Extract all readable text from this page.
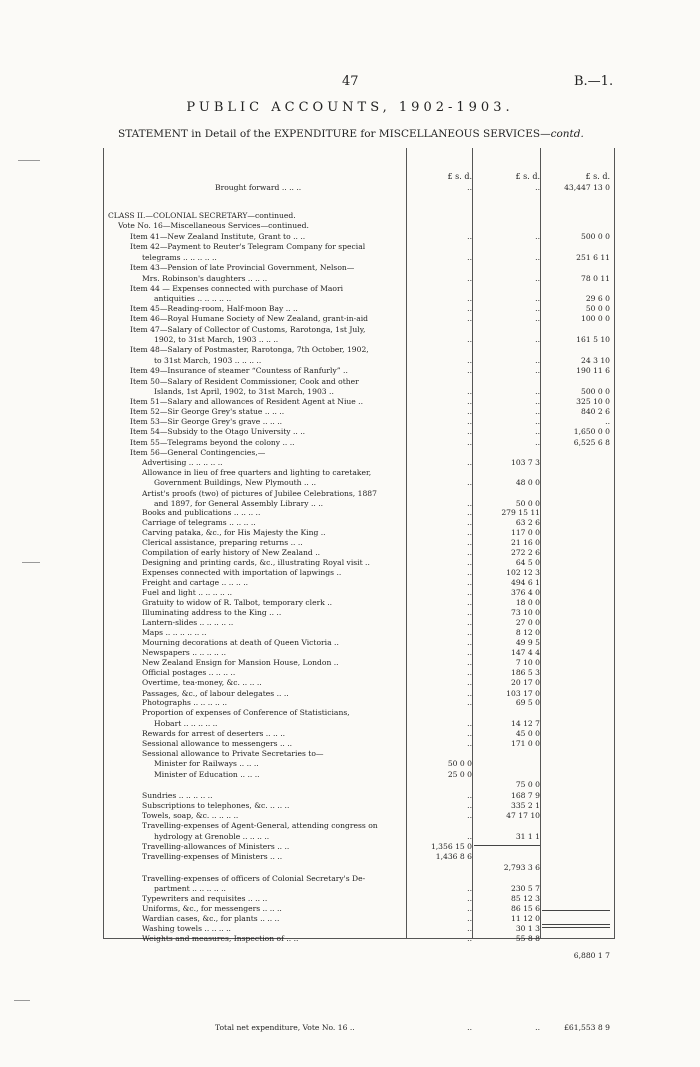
47	B.—1.
PUBLIC ACCOUNTS, 1902-1903.
STATEMENT in Detail of the EXPENDITURE for MISCELLANEOUS SERVICES—contd.
£ s. d.	£ s. d.	£ s. d.
Brought forward .. .. ..	..	..	43,447 13 0
CLASS II.—COLONIAL SECRETARY—continued.
Vote No. 16—Miscellaneous Services—continued.
Item 41—New Zealand Institute, Grant to .. ..	..	..	500 0 0
Item 42—Payment to Reuter's Telegram Company for special
telegrams .. .. .. .. ..	..	..	251 6 11
Item 43—Pension of late Provincial Government, Nelson—
Mrs. Robinson's daughters .. .. ..	..	..	78 0 11
Item 44 — Expenses connected with purchase of Maori
antiquities .. .. .. .. ..	..	..	29 6 0
Item 45—Reading-room, Half-moon Bay .. ..	..	..	50 0 0
Item 46—Royal Humane Society of New Zealand, grant-in-aid	..	..	100 0 0
Item 47—Salary of Collector of Customs, Rarotonga, 1st July,
1902, to 31st March, 1903 .. .. ..	..	..	161 5 10
Item 48—Salary of Postmaster, Rarotonga, 7th October, 1902,
to 31st March, 1903 .. .. .. ..	..	..	24 3 10
Item 49—Insurance of steamer “Countess of Ranfurly” ..	..	..	190 11 6
Item 50—Salary of Resident Commissioner, Cook and other
Islands, 1st April, 1902, to 31st March, 1903 ..	..	..	500 0 0
Item 51—Salary and allowances of Resident Agent at Niue ..	..	..	325 10 0
Item 52—Sir George Grey's statue .. .. ..	..	..	840 2 6
Item 53—Sir George Grey's grave .. .. ..	..	..	..
Item 54—Subsidy to the Otago University .. ..	..	..	1,650 0 0
Item 55—Telegrams beyond the colony .. ..	..	..	6,525 6 8
Item 56—General Contingencies,—
Advertising .. .. .. .. ..	..	103 7 3
Allowance in lieu of free quarters and lighting to caretaker,
Government Buildings, New Plymouth .. ..	..	48 0 0
Artist's proofs (two) of pictures of Jubilee Celebrations, 1887
and 1897, for General Assembly Library .. ..	..	50 0 0
Books and publications .. .. .. ..	..	279 15 11
Carriage of telegrams .. .. .. ..	..	63 2 6
Carving pataka, &c., for His Majesty the King ..	..	117 0 0
Clerical assistance, preparing returns .. ..	..	21 16 0
Compilation of early history of New Zealand ..	..	272 2 6
Designing and printing cards, &c., illustrating Royal visit ..	..	64 5 0
Expenses connected with importation of lapwings ..	..	102 12 3
Freight and cartage .. .. .. ..	..	494 6 1
Fuel and light .. .. .. .. ..	..	376 4 0
Gratuity to widow of R. Talbot, temporary clerk ..	..	18 0 0
Illuminating address to the King .. ..	..	73 10 0
Lantern-slides .. .. .. .. ..	..	27 0 0
Maps .. .. .. .. .. ..	..	8 12 0
Mourning decorations at death of Queen Victoria ..	..	49 9 5
Newspapers .. .. .. .. ..	..	147 4 4
New Zealand Ensign for Mansion House, London ..	..	7 10 0
Official postages .. .. .. ..	..	186 5 3
Overtime, tea-money, &c. .. .. ..	..	20 17 0
Passages, &c., of labour delegates .. ..	..	103 17 0
Photographs .. .. .. .. ..	..	69 5 0
Proportion of expenses of Conference of Statisticians,
Hobart .. .. .. .. ..	..	14 12 7
Rewards for arrest of deserters .. .. ..	..	45 0 0
Sessional allowance to messengers .. ..	..	171 0 0
Sessional allowance to Private Secretaries to—
Minister for Railways .. .. ..	50 0 0
Minister of Education .. .. ..	25 0 0
75 0 0
Sundries .. .. .. .. ..	..	168 7 9
Subscriptions to telephones, &c. .. .. ..	..	335 2 1
Towels, soap, &c. .. .. .. ..	..	47 17 10
Travelling-expenses of Agent-General, attending congress on
hydrology at Grenoble .. .. .. ..	..	31 1 1
Travelling-allowances of Ministers .. ..	1,356 15 0
Travelling-expenses of Ministers .. ..	1,436 8 6
2,793 3 6
Travelling-expenses of officers of Colonial Secretary's De-
partment .. .. .. .. ..	..	230 5 7
Typewriters and requisites .. .. ..	..	85 12 3
Uniforms, &c., for messengers .. .. ..	..	86 15 6
Wardian cases, &c., for plants .. .. ..	..	11 12 0
Washing towels .. .. .. ..	..	30 1 3
Weights and measures, Inspection of .. ..	..	55 8 8
6,880 1 7
Total net expenditure, Vote No. 16 ..	..	..	£61,553 8 9
